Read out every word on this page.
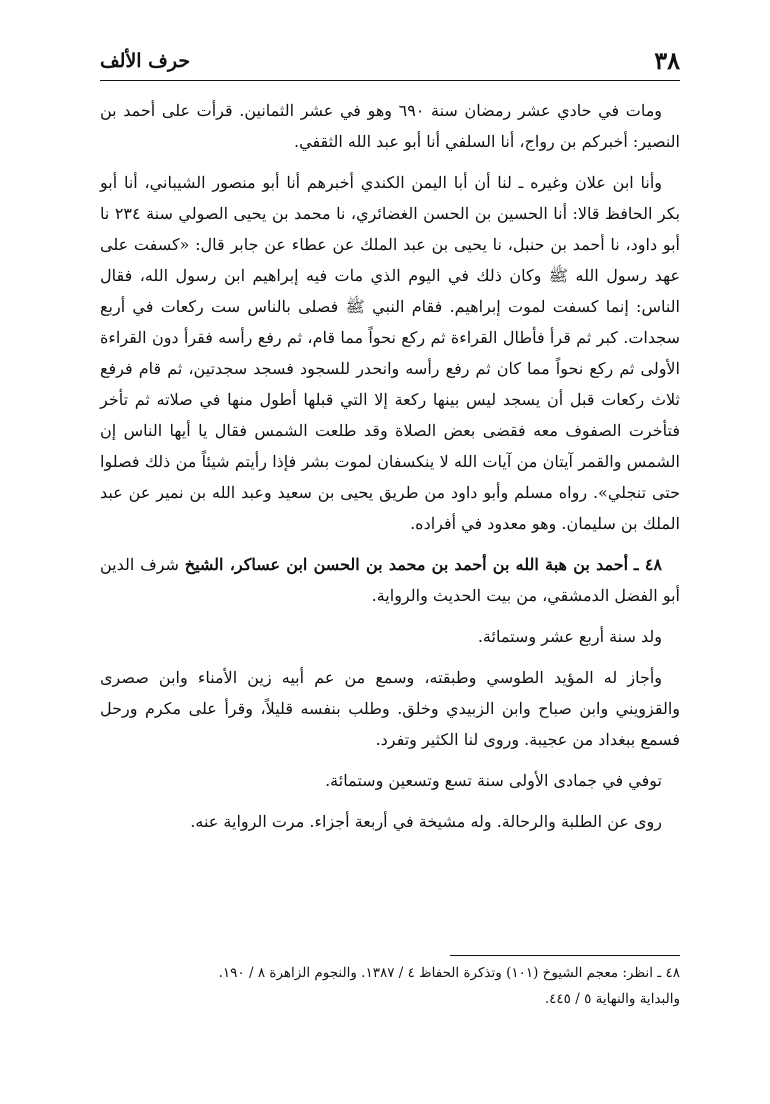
٣٨
حرف الألف

ومات في حادي عشر رمضان سنة ٦٩٠ وهو في عشر الثمانين. قرأت على أحمد بن النصير: أخبركم بن رواج، أنا السلفي أنا أبو عبد الله الثقفي.

وأنا ابن علان وغيره ـ لنا أن أبا اليمن الكندي أخبرهم أنا أبو منصور الشيباني، أنا أبو بكر الحافظ قالا: أنا الحسين بن الحسن الغضائري، نا محمد بن يحيى الصولي سنة ٢٣٤ نا أبو داود، نا أحمد بن حنبل، نا يحيى بن عبد الملك عن عطاء عن جابر قال: «كسفت على عهد رسول الله ﷺ وكان ذلك في اليوم الذي مات فيه إبراهيم ابن رسول الله، فقال الناس: إنما كسفت لموت إبراهيم. فقام النبي ﷺ فصلى بالناس ست ركعات في أربع سجدات. كبر ثم قرأ فأطال القراءة ثم ركع نحواً مما قام، ثم رفع رأسه فقرأ دون القراءة الأولى ثم ركع نحواً مما كان ثم رفع رأسه وانحدر للسجود فسجد سجدتين، ثم قام فرفع ثلاث ركعات قبل أن يسجد ليس بينها ركعة إلا التي قبلها أطول منها في صلاته ثم تأخر فتأخرت الصفوف معه فقضى بعض الصلاة وقد طلعت الشمس فقال يا أيها الناس إن الشمس والقمر آيتان من آيات الله لا ينكسفان لموت بشر فإذا رأيتم شيئاً من ذلك فصلوا حتى تنجلي». رواه مسلم وأبو داود من طريق يحيى بن سعيد وعبد الله بن نمير عن عبد الملك بن سليمان. وهو معدود في أفراده.

٤٨ ـ أحمد بن هبة الله بن أحمد بن محمد بن الحسن ابن عساكر، الشيخ شرف الدين أبو الفضل الدمشقي، من بيت الحديث والرواية.

ولد سنة أربع عشر وستمائة.

وأجاز له المؤيد الطوسي وطبقته، وسمع من عم أبيه زين الأمناء وابن صصرى والقزويني وابن صباح وابن الزبيدي وخلق. وطلب بنفسه قليلاً، وقرأ على مكرم ورحل فسمع ببغداد من عجيبة. وروى لنا الكثير وتفرد.

توفي في جمادى الأولى سنة تسع وتسعين وستمائة.

روى عن الطلبة والرحالة. وله مشيخة في أربعة أجزاء. مرت الرواية عنه.

٤٨ ـ انظر: معجم الشيوخ (١٠١) وتذكرة الحفاظ ٤ / ١٣٨٧. والنجوم الزاهرة ٨ / ١٩٠.

والبداية والنهاية ٥ / ٤٤٥.
